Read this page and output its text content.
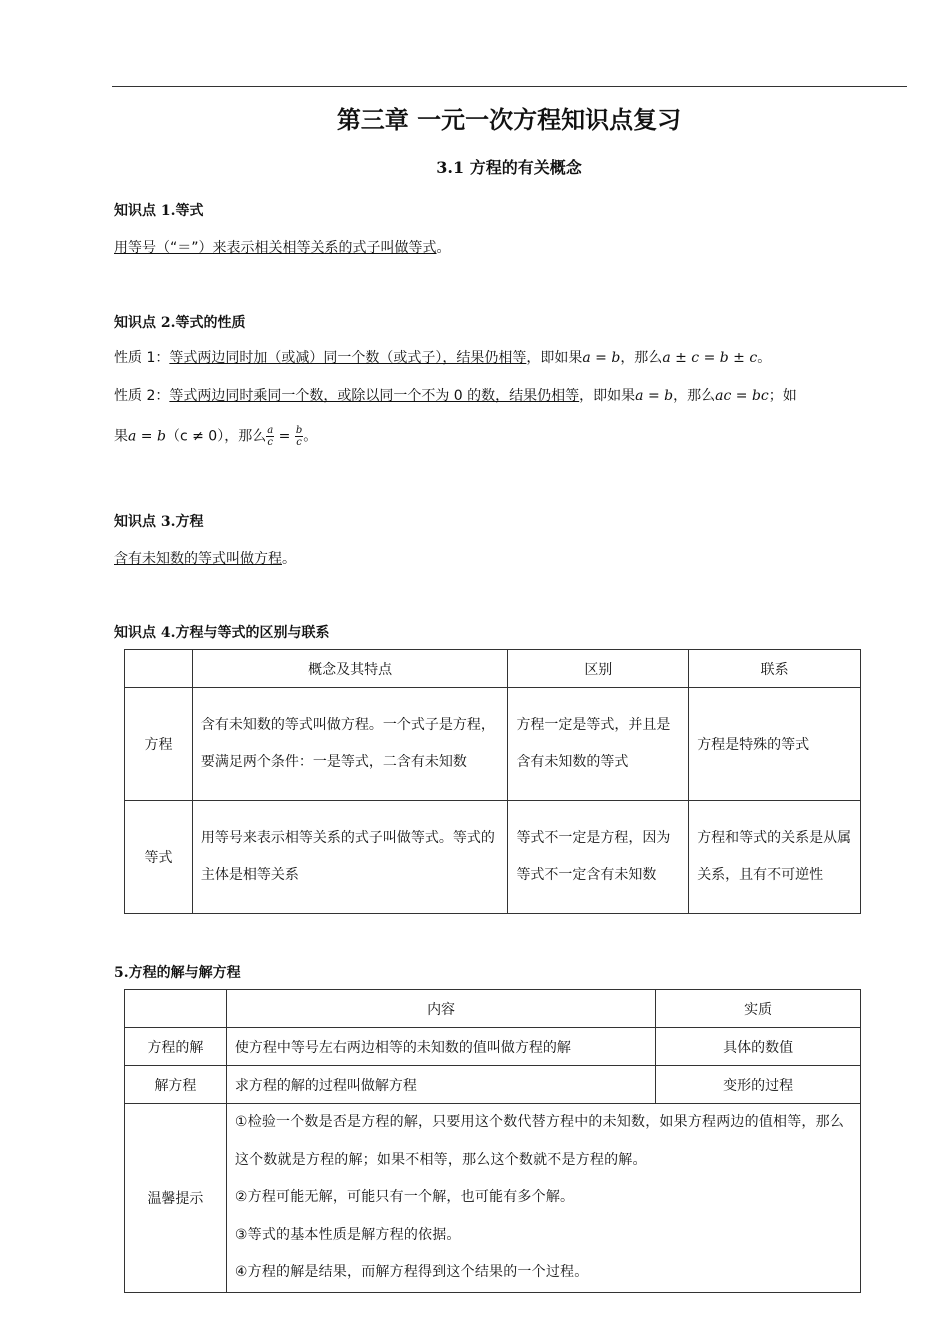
第三章 一元一次方程知识点复习
3.1 方程的有关概念
知识点 1.等式
用等号（“＝”）来表示相关相等关系的式子叫做等式。
知识点 2.等式的性质
性质 1：等式两边同时加（或减）同一个数（或式子），结果仍相等，即如果a = b，那么a ± c = b ± c。
性质 2：等式两边同时乘同一个数，或除以同一个不为 0 的数，结果仍相等，即如果a = b，那么ac = bc；如
果a = b（c ≠ 0），那么 $\frac{a}{c} = \frac{b}{c}$ 。
知识点 3.方程
含有未知数的等式叫做方程。
知识点 4.方程与等式的区别与联系
	概念及其特点	区别	联系
方程	含有未知数的等式叫做方程。一个式子是方程，要满足两个条件：一是等式，二含有未知数	方程一定是等式，并且是含有未知数的等式	方程是特殊的等式
等式	用等号来表示相等关系的式子叫做等式。等式的主体是相等关系	等式不一定是方程，因为等式不一定含有未知数	方程和等式的关系是从属关系，且有不可逆性
5.方程的解与解方程
	内容	实质
方程的解	使方程中等号左右两边相等的未知数的值叫做方程的解	具体的数值
解方程	求方程的解的过程叫做解方程	变形的过程
温馨提示	①检验一个数是否是方程的解，只要用这个数代替方程中的未知数，如果方程两边的值相等，那么这个数就是方程的解；如果不相等，那么这个数就不是方程的解。
②方程可能无解，可能只有一个解，也可能有多个解。
③等式的基本性质是解方程的依据。
④方程的解是结果，而解方程得到这个结果的一个过程。	
